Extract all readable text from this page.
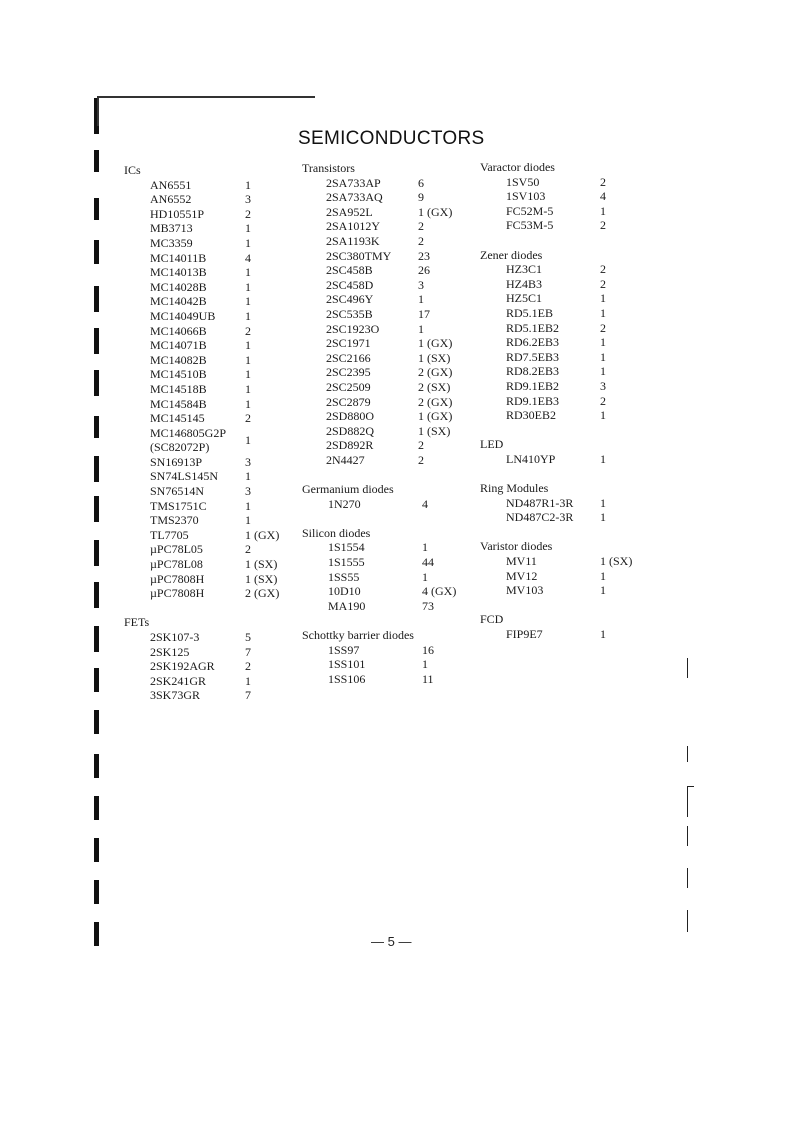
SEMICONDUCTORS
ICs
AN6551	1
AN6552	3
HD10551P	2
MB3713	1
MC3359	1
MC14011B	4
MC14013B	1
MC14028B	1
MC14042B	1
MC14049UB 1
MC14066B	2
MC14071B	1
MC14082B	1
MC14510B	1
MC14518B	1
MC14584B	1
MC145145	2
MC146805G2P
(SC82072P)
1
SN16913P	3
SN74LS145N 1
SN76514N	3
TMS1751C	1
TMS2370	1
TL7705	1 (GX)
µPC78L05	2
µPC78L08	1 (SX)
µPC7808H	1 (SX)
µPC7808H	2 (GX)
FETs
2SK107-3	5
2SK125	7
2SK192AGR	2
2SK241GR	1
3SK73GR	7
Transistors
2SA733AP	6
2SA733AQ	9
2SA952L	1 (GX)
2SA1012Y	2
2SA1193K	2
2SC380TMY 23
2SC458B	26
2SC458D	3
2SC496Y	1
2SC535B	17
2SC1923O	1
2SC1971	1 (GX)
2SC2166	1 (SX)
2SC2395	2 (GX)
2SC2509	2 (SX)
2SC2879	2 (GX)
2SD880O	1 (GX)
2SD882Q	1 (SX)
2SD892R	2
2N4427	2
Germanium diodes
1N270	4
Silicon diodes
1S1554	1
1S1555	44
1SS55	1
10D10	4 (GX)
MA190	73
Schottky barrier diodes
1SS97	16
1SS101	1
1SS106	11
Varactor diodes
1SV50	2
1SV103	4
FC52M-5	1
FC53M-5	2
Zener diodes
HZ3C1	2
HZ4B3	2
HZ5C1	1
RD5.1EB	1
RD5.1EB2	2
RD6.2EB3	1
RD7.5EB3	1
RD8.2EB3	1
RD9.1EB2	3
RD9.1EB3	2
RD30EB2	1
LED
LN410YP	1
Ring Modules
ND487R1-3R 1
ND487C2-3R 1
Varistor diodes
MV11	1 (SX)
MV12	1
MV103	1
FCD
FIP9E7	1
— 5 —
